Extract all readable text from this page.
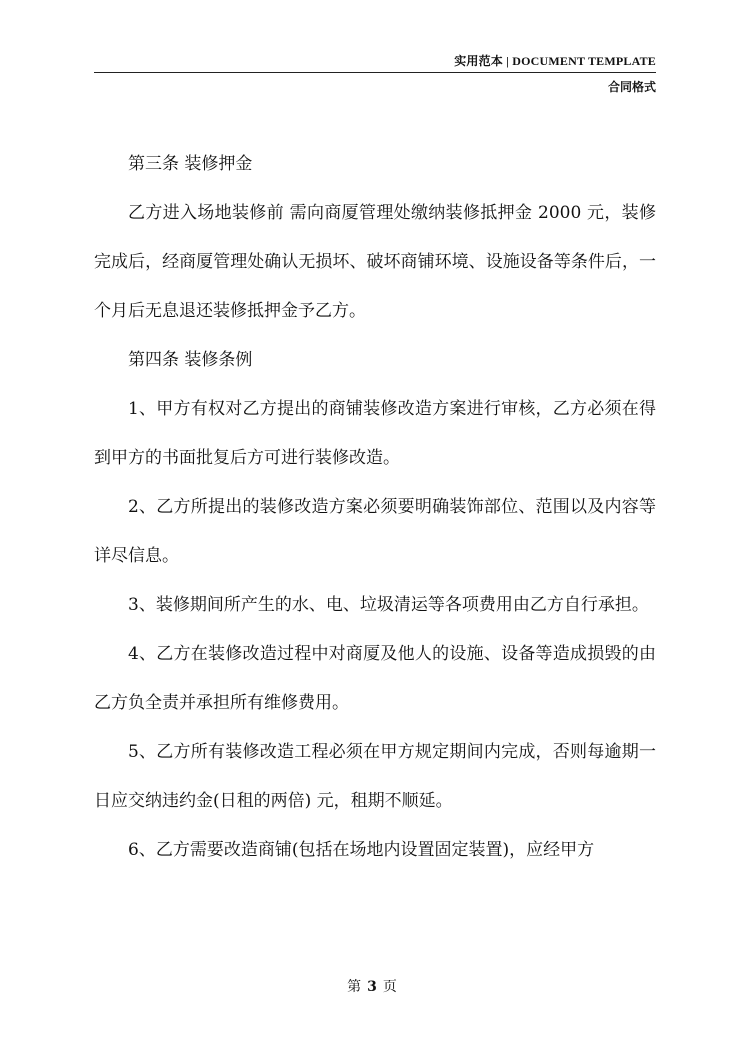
实用范本 | DOCUMENT TEMPLATE
合同格式

第三条 装修押金

乙方进入场地装修前 需向商厦管理处缴纳装修抵押金 2000 元，装修完成后，经商厦管理处确认无损坏、破坏商铺环境、设施设备等条件后，一个月后无息退还装修抵押金予乙方。

第四条 装修条例

1、甲方有权对乙方提出的商铺装修改造方案进行审核，乙方必须在得到甲方的书面批复后方可进行装修改造。

2、乙方所提出的装修改造方案必须要明确装饰部位、范围以及内容等详尽信息。

3、装修期间所产生的水、电、垃圾清运等各项费用由乙方自行承担。

4、乙方在装修改造过程中对商厦及他人的设施、设备等造成损毁的由乙方负全责并承担所有维修费用。

5、乙方所有装修改造工程必须在甲方规定期间内完成，否则每逾期一日应交纳违约金(日租的两倍) 元，租期不顺延。

6、乙方需要改造商铺(包括在场地内设置固定装置)，应经甲方

第 3 页
